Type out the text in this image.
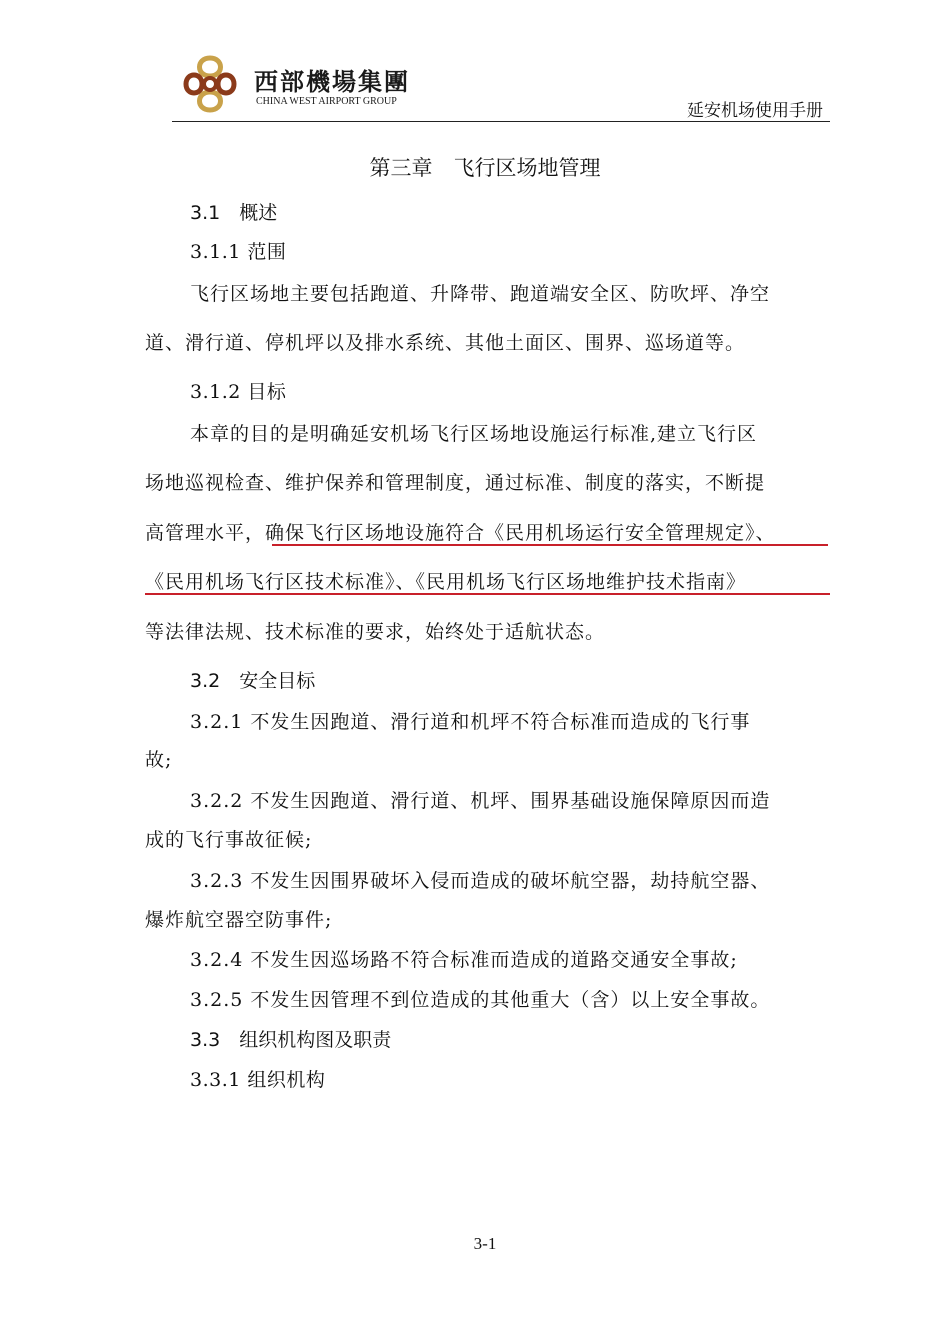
西部機場集團
CHINA WEST AIRPORT GROUP	延安机场使用手册
第三章　飞行区场地管理
3.1　概述
3.1.1 范围
飞行区场地主要包括跑道、升降带、跑道端安全区、防吹坪、净空
道、滑行道、停机坪以及排水系统、其他土面区、围界、巡场道等。
3.1.2 目标
本章的目的是明确延安机场飞行区场地设施运行标准,建立飞行区
场地巡视检查、维护保养和管理制度，通过标准、制度的落实，不断提
高管理水平，确保飞行区场地设施符合《民用机场运行安全管理规定》、
《民用机场飞行区技术标准》、《民用机场飞行区场地维护技术指南》
等法律法规、技术标准的要求，始终处于适航状态。
3.2　安全目标
3.2.1 不发生因跑道、滑行道和机坪不符合标准而造成的飞行事
故;
3.2.2 不发生因跑道、滑行道、机坪、围界基础设施保障原因而造
成的飞行事故征候;
3.2.3 不发生因围界破坏入侵而造成的破坏航空器，劫持航空器、
爆炸航空器空防事件;
3.2.4 不发生因巡场路不符合标准而造成的道路交通安全事故;
3.2.5 不发生因管理不到位造成的其他重大（含）以上安全事故。
3.3　组织机构图及职责
3.3.1 组织机构
3-1
